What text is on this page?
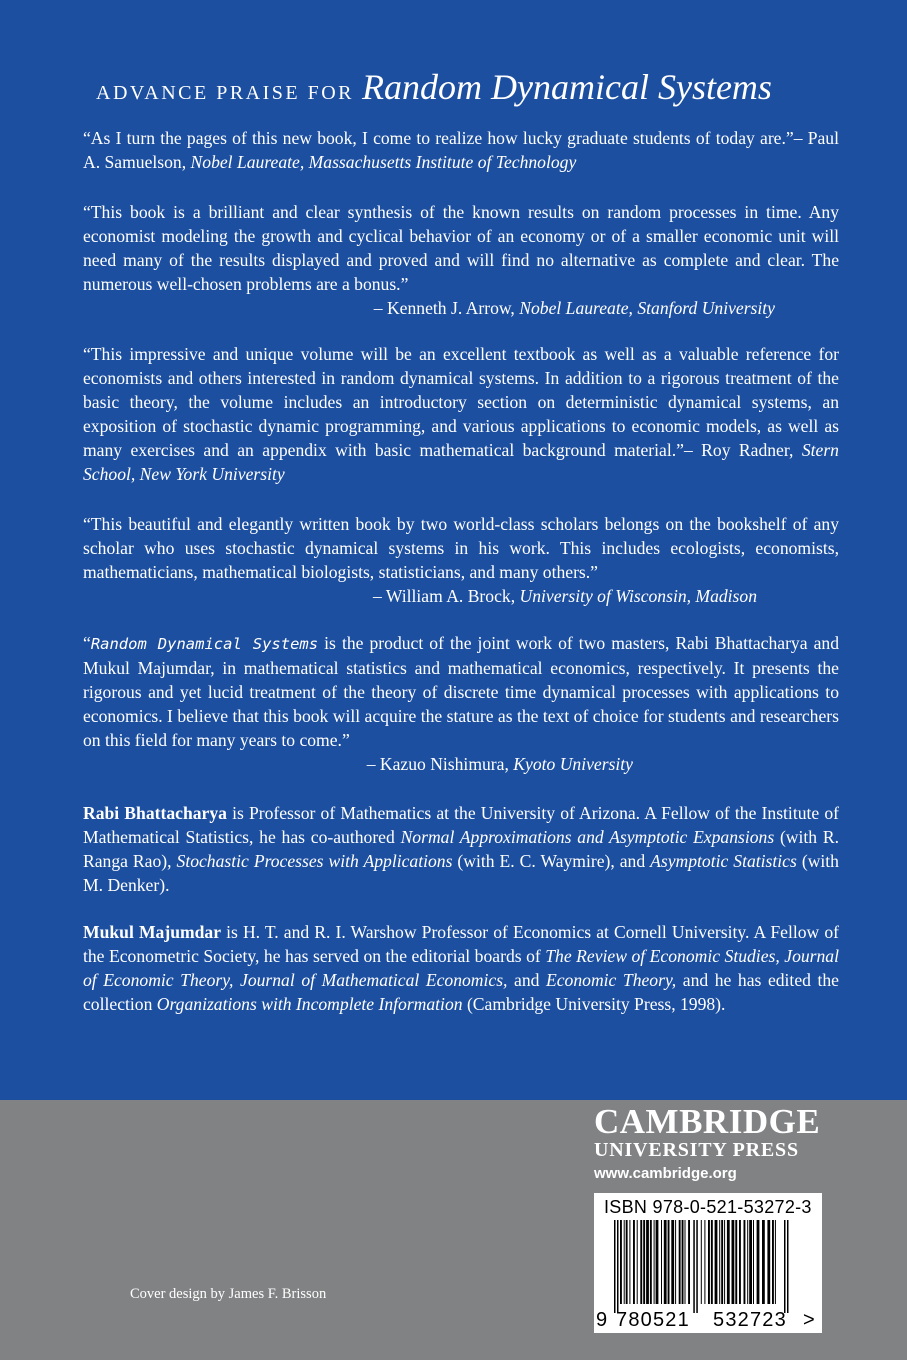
ADVANCE PRAISE FOR Random Dynamical Systems

“As I turn the pages of this new book, I come to realize how lucky graduate students of today are.”– Paul A. Samuelson, Nobel Laureate, Massachusetts Institute of Technology

“This book is a brilliant and clear synthesis of the known results on random processes in time. Any economist modeling the growth and cyclical behavior of an economy or of a smaller economic unit will need many of the results displayed and proved and will find no alternative as complete and clear. The numerous well-chosen problems are a bonus.”

– Kenneth J. Arrow, Nobel Laureate, Stanford University

“This impressive and unique volume will be an excellent textbook as well as a valuable reference for economists and others interested in random dynamical systems. In addition to a rigorous treatment of the basic theory, the volume includes an introductory section on deterministic dynamical systems, an exposition of stochastic dynamic programming, and various applications to economic models, as well as many exercises and an appendix with basic mathematical background material.”– Roy Radner, Stern School, New York University

“This beautiful and elegantly written book by two world-class scholars belongs on the bookshelf of any scholar who uses stochastic dynamical systems in his work. This includes ecologists, economists, mathematicians, mathematical biologists, statisticians, and many others.”

– William A. Brock, University of Wisconsin, Madison

“Random Dynamical Systems is the product of the joint work of two masters, Rabi Bhattacharya and Mukul Majumdar, in mathematical statistics and mathematical economics, respectively. It presents the rigorous and yet lucid treatment of the theory of discrete time dynamical processes with applications to economics. I believe that this book will acquire the stature as the text of choice for students and researchers on this field for many years to come.”

– Kazuo Nishimura, Kyoto University

Rabi Bhattacharya is Professor of Mathematics at the University of Arizona. A Fellow of the Institute of Mathematical Statistics, he has co-authored Normal Approximations and Asymptotic Expansions (with R. Ranga Rao), Stochastic Processes with Applications (with E. C. Waymire), and Asymptotic Statistics (with M. Denker).

Mukul Majumdar is H. T. and R. I. Warshow Professor of Economics at Cornell University. A Fellow of the Econometric Society, he has served on the editorial boards of The Review of Economic Studies, Journal of Economic Theory, Journal of Mathematical Economics, and Economic Theory, and he has edited the collection Organizations with Incomplete Information (Cambridge University Press, 1998).

CAMBRIDGE
UNIVERSITY PRESS
www.cambridge.org
ISBN 978-0-521-53272-3
9 780521 532723 >
Cover design by James F. Brisson
